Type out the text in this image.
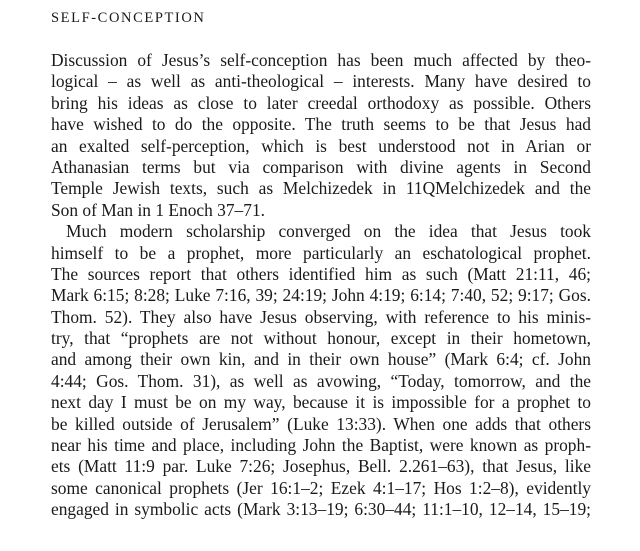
SELF-CONCEPTION
Discussion of Jesus’s self-conception has been much affected by theo-
logical – as well as anti-theological – interests. Many have desired to
bring his ideas as close to later creedal orthodoxy as possible. Others
have wished to do the opposite. The truth seems to be that Jesus had
an exalted self-perception, which is best understood not in Arian or
Athanasian terms but via comparison with divine agents in Second
Temple Jewish texts, such as Melchizedek in 11QMelchizedek and the
Son of Man in 1 Enoch 37–71.
Much modern scholarship converged on the idea that Jesus took
himself to be a prophet, more particularly an eschatological prophet.
The sources report that others identified him as such (Matt 21:11, 46;
Mark 6:15; 8:28; Luke 7:16, 39; 24:19; John 4:19; 6:14; 7:40, 52; 9:17; Gos.
Thom. 52). They also have Jesus observing, with reference to his minis-
try, that “prophets are not without honour, except in their hometown,
and among their own kin, and in their own house” (Mark 6:4; cf. John
4:44; Gos. Thom. 31), as well as avowing, “Today, tomorrow, and the
next day I must be on my way, because it is impossible for a prophet to
be killed outside of Jerusalem” (Luke 13:33). When one adds that others
near his time and place, including John the Baptist, were known as proph-
ets (Matt 11:9 par. Luke 7:26; Josephus, Bell. 2.261–63), that Jesus, like
some canonical prophets (Jer 16:1–2; Ezek 4:1–17; Hos 1:2–8), evidently
engaged in symbolic acts (Mark 3:13–19; 6:30–44; 11:1–10, 12–14, 15–19;
